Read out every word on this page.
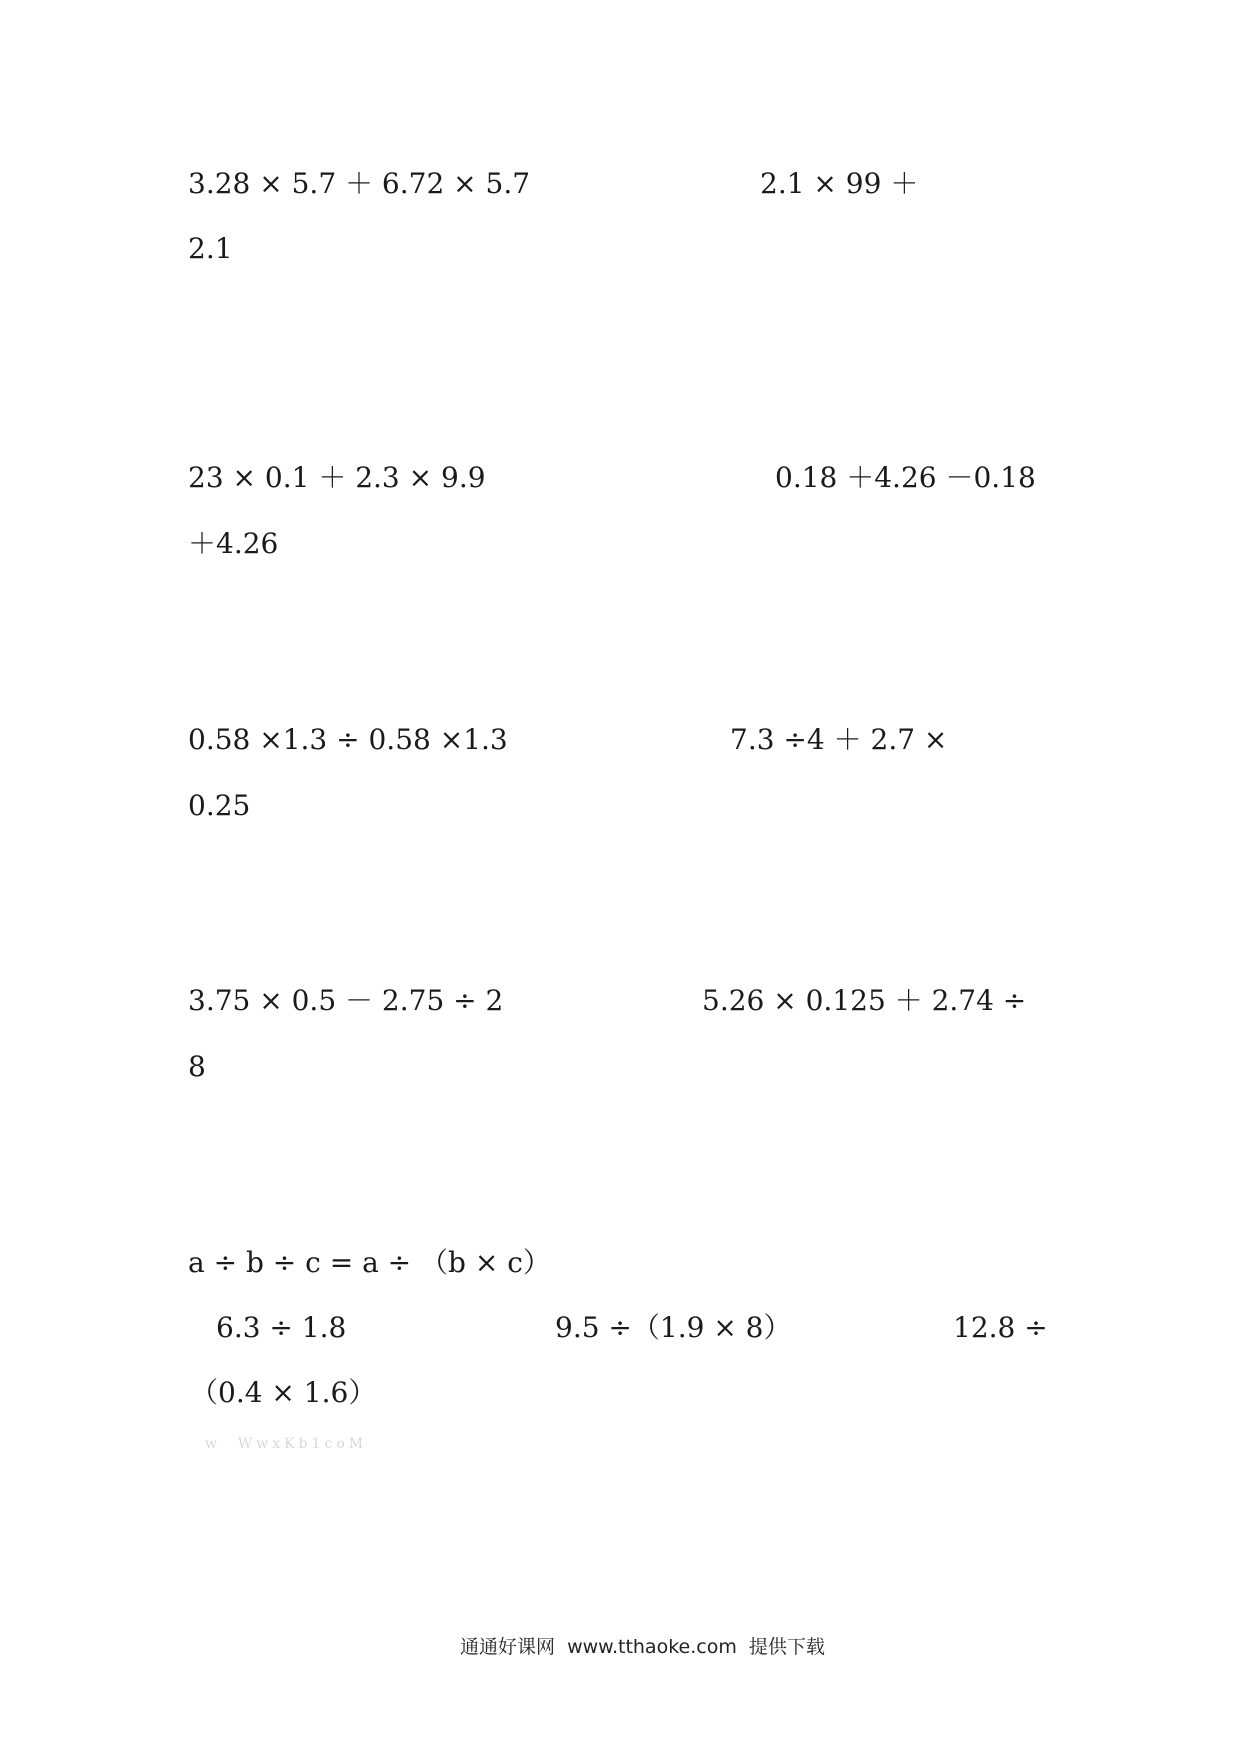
3.28 × 5.7 ＋ 6.72 × 5.7	2.1 × 99 ＋
2.1
23 × 0.1 ＋ 2.3 × 9.9	0.18 ＋4.26 －0.18
＋4.26
0.58 ×1.3 ÷ 0.58 ×1.3	7.3 ÷4 ＋ 2.7 ×
0.25
3.75 × 0.5 － 2.75 ÷ 2	5.26 × 0.125 ＋ 2.74 ÷
8
a ÷ b ÷ c = a ÷ （b × c）
6.3 ÷ 1.8	9.5 ÷（1.9 × 8）	12.8 ÷
（0.4 × 1.6）
w  WwxKb1coM
通通好课网  www.tthaoke.com  提供下载
